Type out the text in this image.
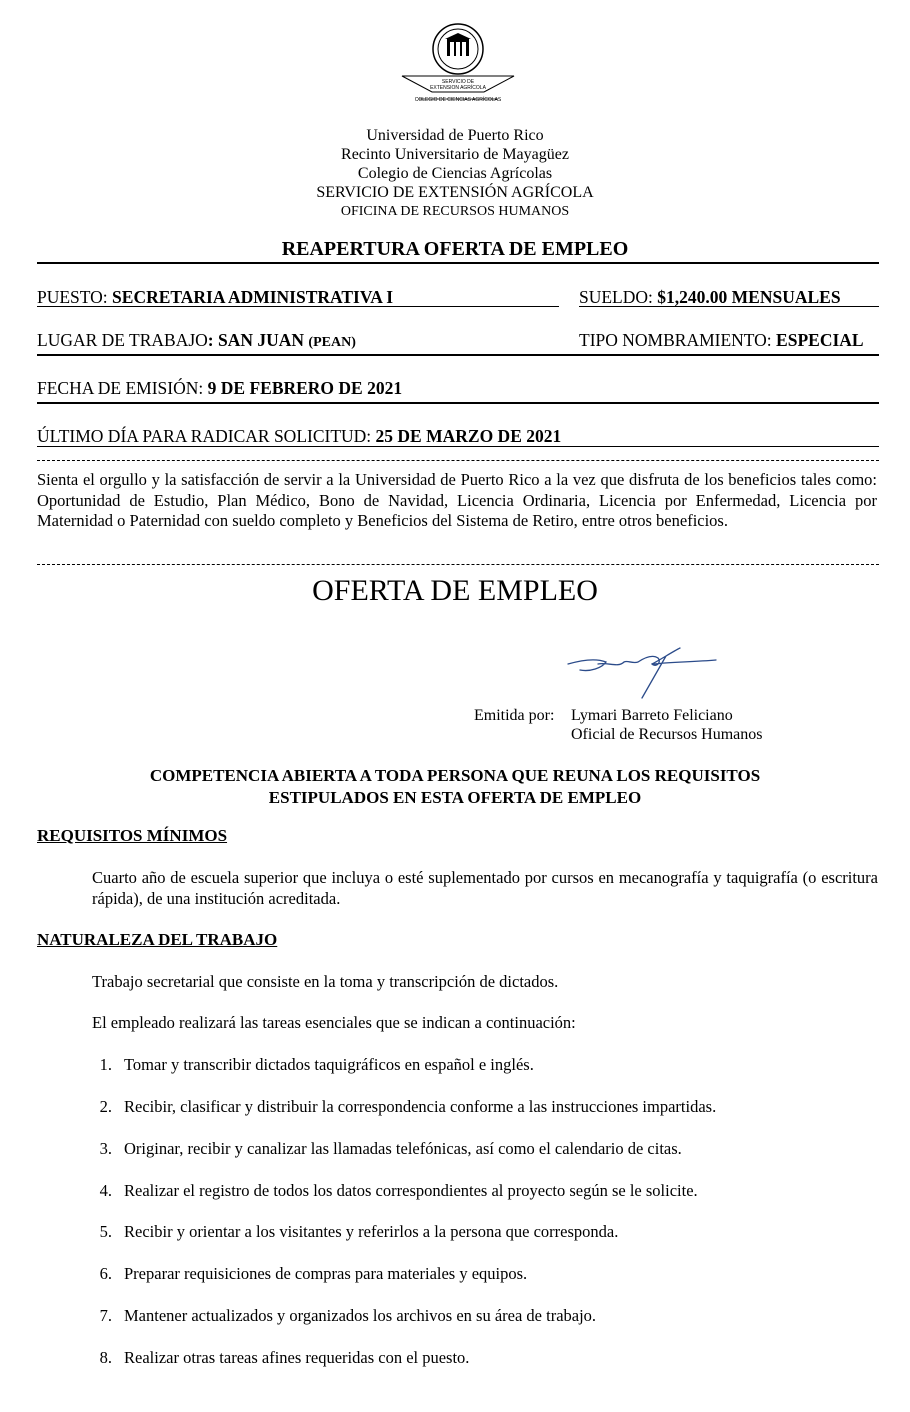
SERVICIO DE
EXTENSION AGRÍCOLA
COLEGIO DE CIENCIAS AGRÍCOLAS
Universidad de Puerto Rico
Recinto Universitario de Mayagüez
Colegio de Ciencias Agrícolas
SERVICIO DE EXTENSIÓN AGRÍCOLA
OFICINA DE RECURSOS HUMANOS
REAPERTURA OFERTA DE EMPLEO
PUESTO: SECRETARIA ADMINISTRATIVA I	SUELDO: $1,240.00 MENSUALES
LUGAR DE TRABAJO: SAN JUAN (PEAN)	TIPO NOMBRAMIENTO: ESPECIAL
FECHA DE EMISIÓN: 9 DE FEBRERO DE 2021
ÚLTIMO DÍA PARA RADICAR SOLICITUD: 25 DE MARZO DE 2021
Sienta el orgullo y la satisfacción de servir a la Universidad de Puerto Rico a la vez que disfruta de los beneficios tales como: Oportunidad de Estudio, Plan Médico, Bono de Navidad, Licencia Ordinaria, Licencia por Enfermedad, Licencia por Maternidad o Paternidad con sueldo completo y Beneficios del Sistema de Retiro, entre otros beneficios.
OFERTA DE EMPLEO
Emitida por: Lymari Barreto Feliciano
Oficial de Recursos Humanos
COMPETENCIA ABIERTA A TODA PERSONA QUE REUNA LOS REQUISITOS
ESTIPULADOS EN ESTA OFERTA DE EMPLEO
REQUISITOS MÍNIMOS
Cuarto año de escuela superior que incluya o esté suplementado por cursos en mecanografía y taquigrafía (o escritura rápida), de una institución acreditada.
NATURALEZA DEL TRABAJO
Trabajo secretarial que consiste en la toma y transcripción de dictados.
El empleado realizará las tareas esenciales que se indican a continuación:
1. Tomar y transcribir dictados taquigráficos en español e inglés.
2. Recibir, clasificar y distribuir la correspondencia conforme a las instrucciones impartidas.
3. Originar, recibir y canalizar las llamadas telefónicas, así como el calendario de citas.
4. Realizar el registro de todos los datos correspondientes al proyecto según se le solicite.
5. Recibir y orientar a los visitantes y referirlos a la persona que corresponda.
6. Preparar requisiciones de compras para materiales y equipos.
7. Mantener actualizados y organizados los archivos en su área de trabajo.
8. Realizar otras tareas afines requeridas con el puesto.
